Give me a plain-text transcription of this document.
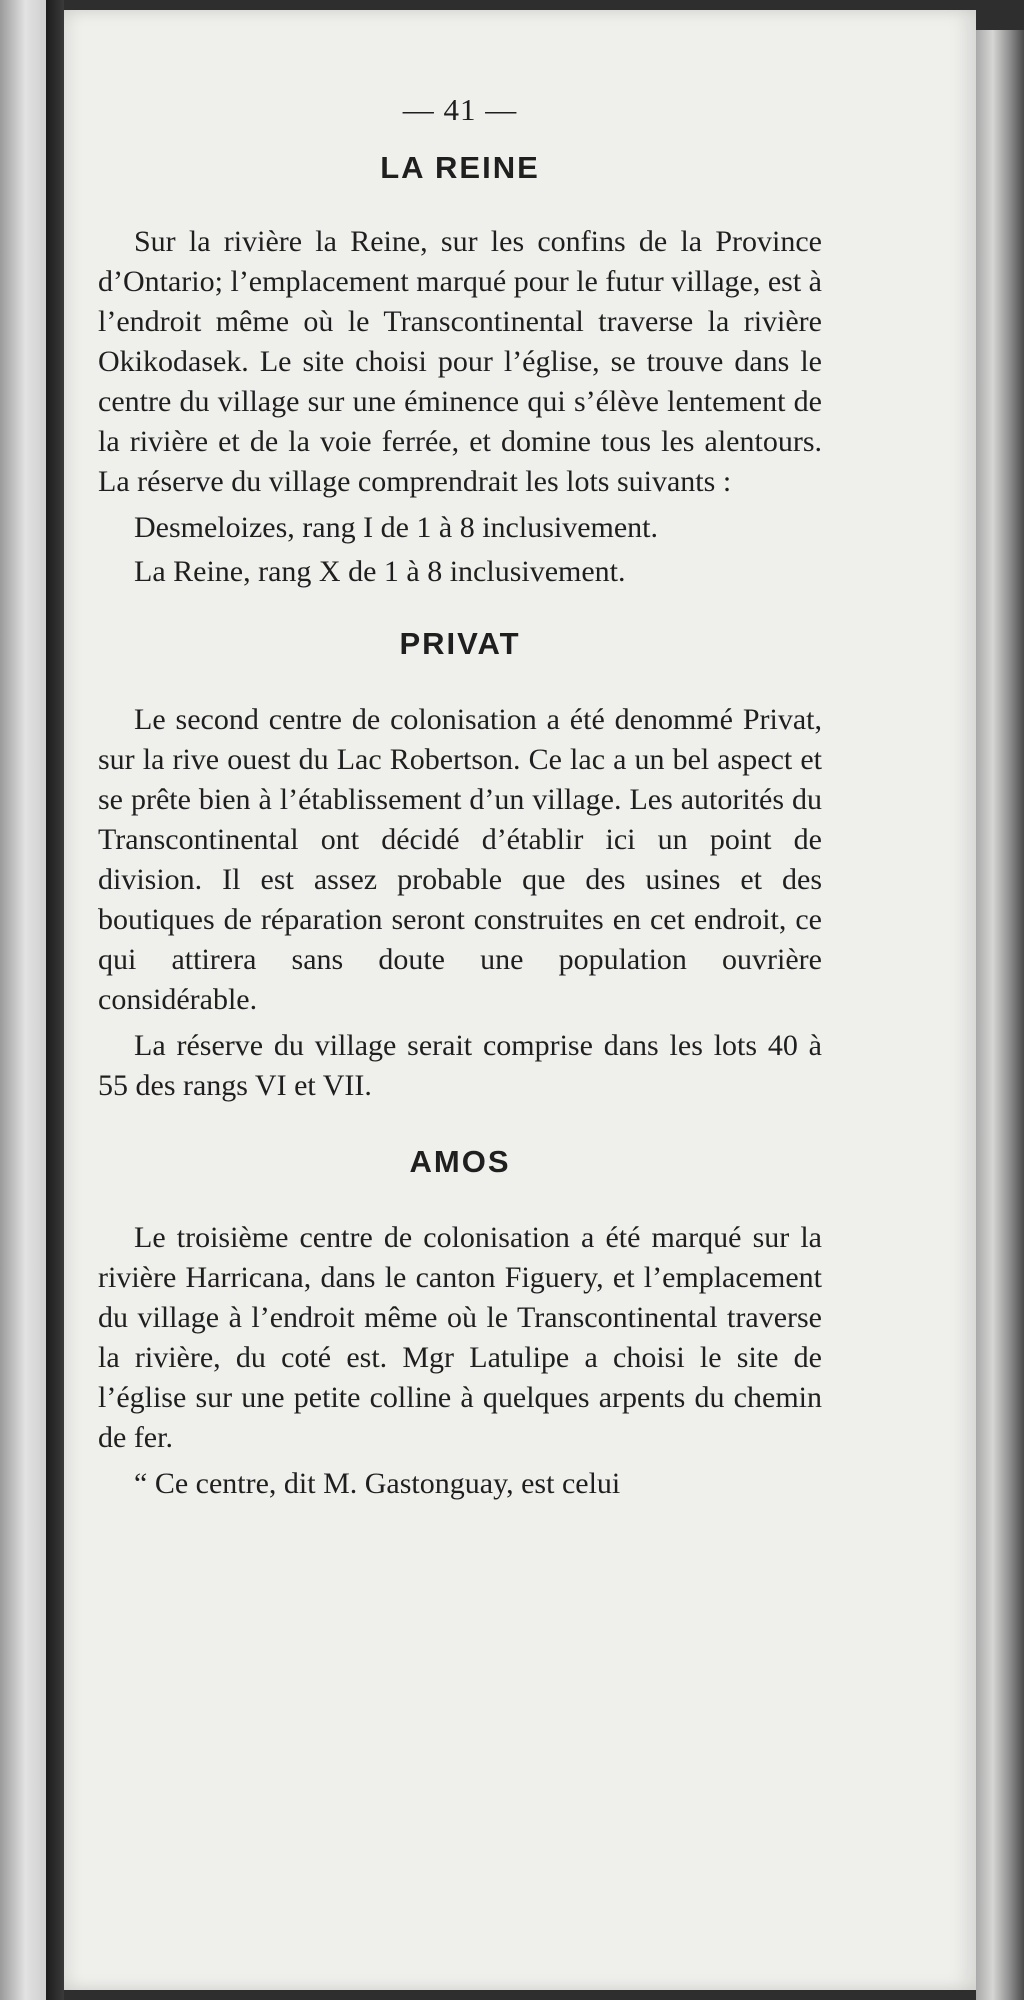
— 41 —
LA REINE

Sur la rivière la Reine, sur les confins de la Province d’Ontario; l’emplacement marqué pour le futur village, est à l’endroit même où le Transcontinental traverse la rivière Okikodasek. Le site choisi pour l’église, se trouve dans le centre du village sur une éminence qui s’élève lentement de la rivière et de la voie ferrée, et domine tous les alentours. La réserve du village comprendrait les lots suivants :

Desmeloizes, rang I de 1 à 8 inclusivement.

La Reine, rang X de 1 à 8 inclusivement.

PRIVAT

Le second centre de colonisation a été denommé Privat, sur la rive ouest du Lac Robertson. Ce lac a un bel aspect et se prête bien à l’établissement d’un village. Les autorités du Transcontinental ont décidé d’établir ici un point de division. Il est assez probable que des usines et des boutiques de réparation seront construites en cet endroit, ce qui attirera sans doute une population ouvrière considérable.

La réserve du village serait comprise dans les lots 40 à 55 des rangs VI et VII.

AMOS

Le troisième centre de colonisation a été marqué sur la rivière Harricana, dans le canton Figuery, et l’emplacement du village à l’endroit même où le Transcontinental traverse la rivière, du coté est. Mgr Latulipe a choisi le site de l’église sur une petite colline à quelques arpents du chemin de fer.

“ Ce centre, dit M. Gastonguay, est celui
